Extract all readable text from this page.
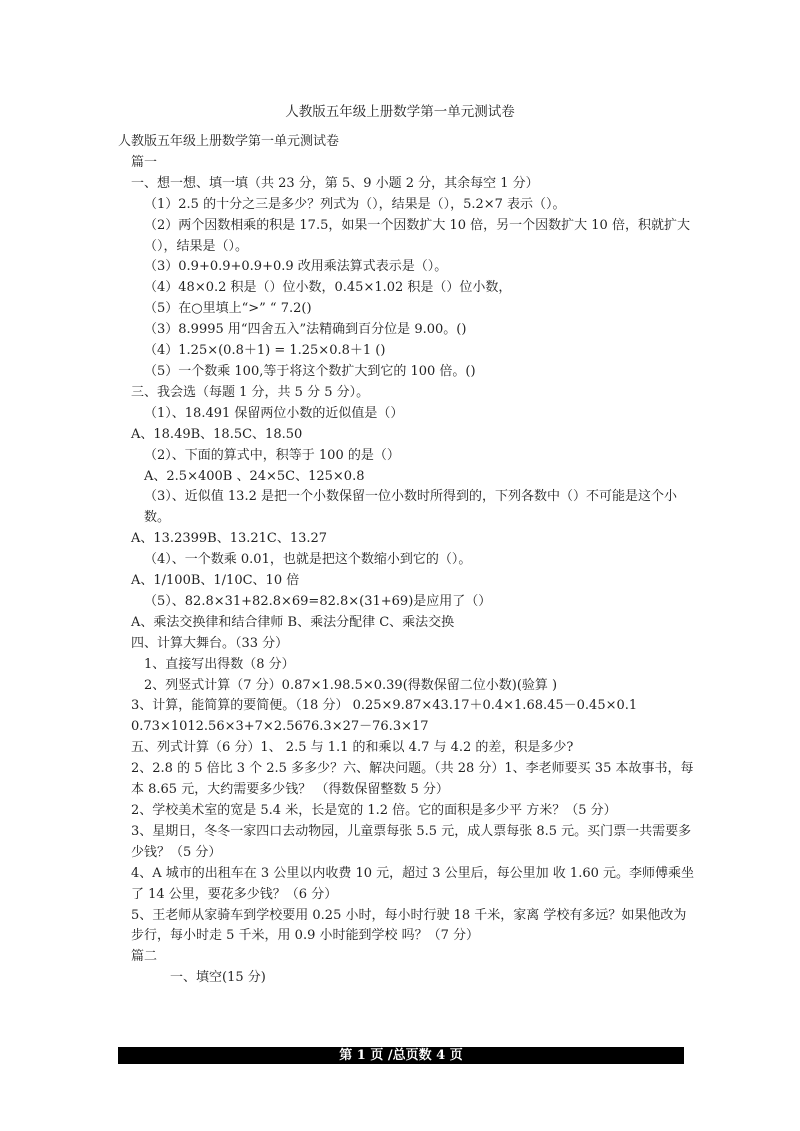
人教版五年级上册数学第一单元测试卷

人教版五年级上册数学第一单元测试卷

篇一

一、想一想、填一填（共 23 分，第 5、9 小题 2 分，其余每空 1 分）

（1）2.5 的十分之三是多少？列式为（），结果是（），5.2×7 表示（）。

（2）两个因数相乘的积是 17.5，如果一个因数扩大 10 倍，另一个因数扩大 10 倍，积就扩大（），结果是（）。

（3）0.9+0.9+0.9+0.9 改用乘法算式表示是（）。

（4）48×0.2 积是（）位小数，0.45×1.02 积是（）位小数，

（5）在○里填上“>” “ 7.2()

（3）8.9995 用“四舍五入”法精确到百分位是 9.00。()

（4）1.25×(0.8＋1) = 1.25×0.8＋1 ()

（5）一个数乘 100,等于将这个数扩大到它的 100 倍。()

三、我会选（每题 1 分，共 5 分 5 分）。

（1）、18.491 保留两位小数的近似值是（）

A、18.49B、18.5C、18.50

（2）、下面的算式中，积等于 100 的是（）

A、2.5×400B 、24×5C、125×0.8

（3）、近似值 13.2 是把一个小数保留一位小数时所得到的，下列各数中（）不可能是这个小数。

A、13.2399B、13.21C、13.27

（4）、一个数乘 0.01，也就是把这个数缩小到它的（）。

A、1/100B、1/10C、10 倍

（5）、82.8×31+82.8×69=82.8×(31+69)是应用了（）

A、乘法交换律和结合律师 B、乘法分配律 C、乘法交换

四、计算大舞台。（33 分）

1、直接写出得数（8 分）

2、列竖式计算（7 分）0.87×1.98.5×0.39(得数保留二位小数)(验算 )

3、计算，能简算的要简便。（18 分） 0.25×9.87×43.17＋0.4×1.68.45－0.45×0.1

0.73×1012.56×3+7×2.5676.3×27－76.3×17

五、列式计算（6 分）1、 2.5 与 1.1 的和乘以 4.7 与 4.2 的差，积是多少?

2、2.8 的 5 倍比 3 个 2.5 多多少？六、解决问题。（共 28 分）1、李老师要买 35 本故事书，每本 8.65 元，大约需要多少钱？ （得数保留整数 5 分）

2、学校美术室的宽是 5.4 米，长是宽的 1.2 倍。它的面积是多少平 方米？（5 分）

3、星期日，冬冬一家四口去动物园，儿童票每张 5.5 元，成人票每张 8.5 元。买门票一共需要多少钱？（5 分）

4、A 城市的出租车在 3 公里以内收费 10 元，超过 3 公里后，每公里加 收 1.60 元。李师傅乘坐了 14 公里，要花多少钱？（6 分）

5、王老师从家骑车到学校要用 0.25 小时，每小时行驶 18 千米，家离 学校有多远？如果他改为步行，每小时走 5 千米，用 0.9 小时能到学校 吗？（7 分）

篇二

一、填空(15 分)

第 1 页 /总页数 4 页
